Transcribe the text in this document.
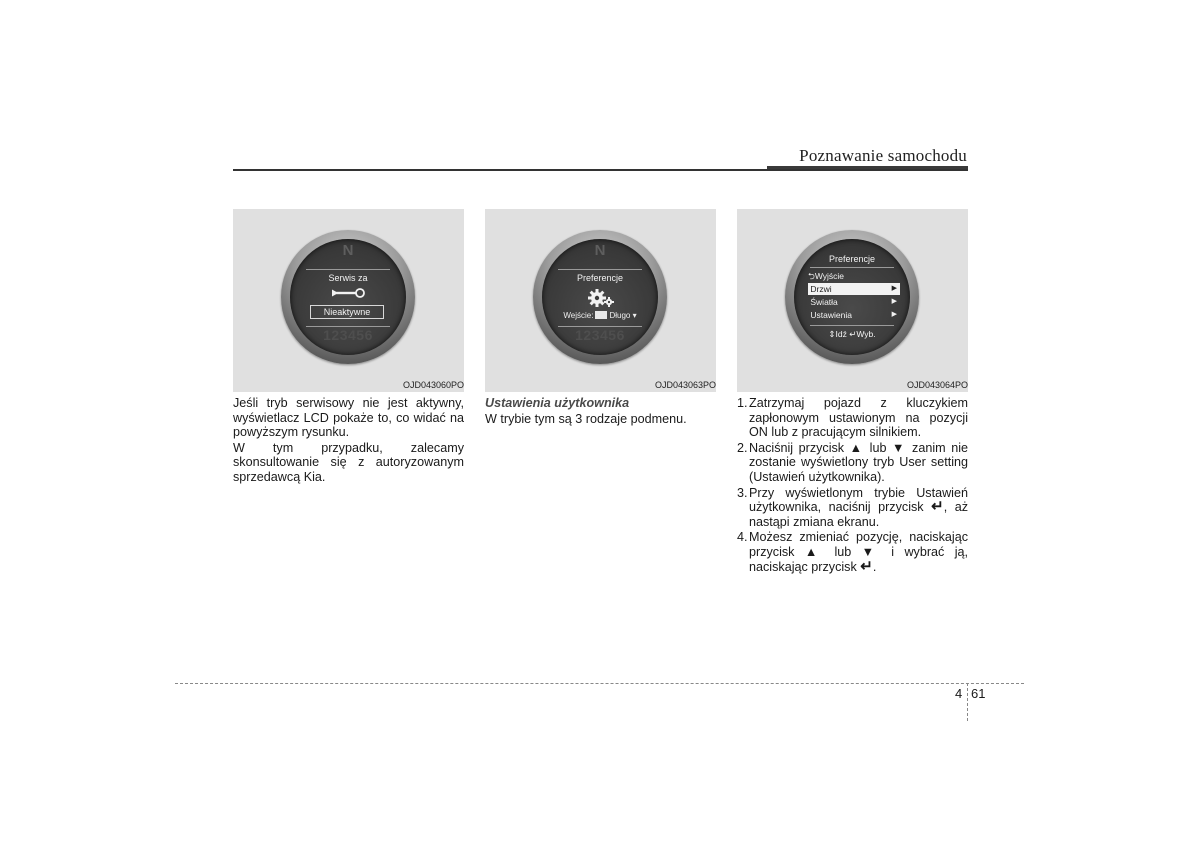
Poznawanie samochodu
N
Serwis za
Nieaktywne
123456
OJD043060PO

Jeśli tryb serwisowy nie jest aktywny, wyświetlacz LCD pokaże to, co widać na powyższym rysunku.

W tym przypadku, zalecamy skonsultowanie się z autoryzowanym sprzedawcą Kia.

N
Preferencje
Wejście: Długo ▾
123456
OJD043063PO

Ustawienia użytkownika

W trybie tym są 3 rodzaje podmenu.

Preferencje
⮌Wyjście
Drzwi	▶
Światła	▶
Ustawienia	▶
⇕Idź ↵Wyb.
OJD043064PO
1. Zatrzymaj pojazd z kluczykiem zapłonowym ustawionym na pozycji ON lub z pracującym silnikiem.
2. Naciśnij przycisk ▲ lub ▼ zanim nie zostanie wyświetlony tryb User setting (Ustawień użytkownika).
3. Przy wyświetlonym trybie Ustawień użytkownika, naciśnij przycisk ↵, aż nastąpi zmiana ekranu.
4. Możesz zmieniać pozycję, naciskając przycisk ▲ lub ▼ i wybrać ją, naciskając przycisk ↵.
4 61
